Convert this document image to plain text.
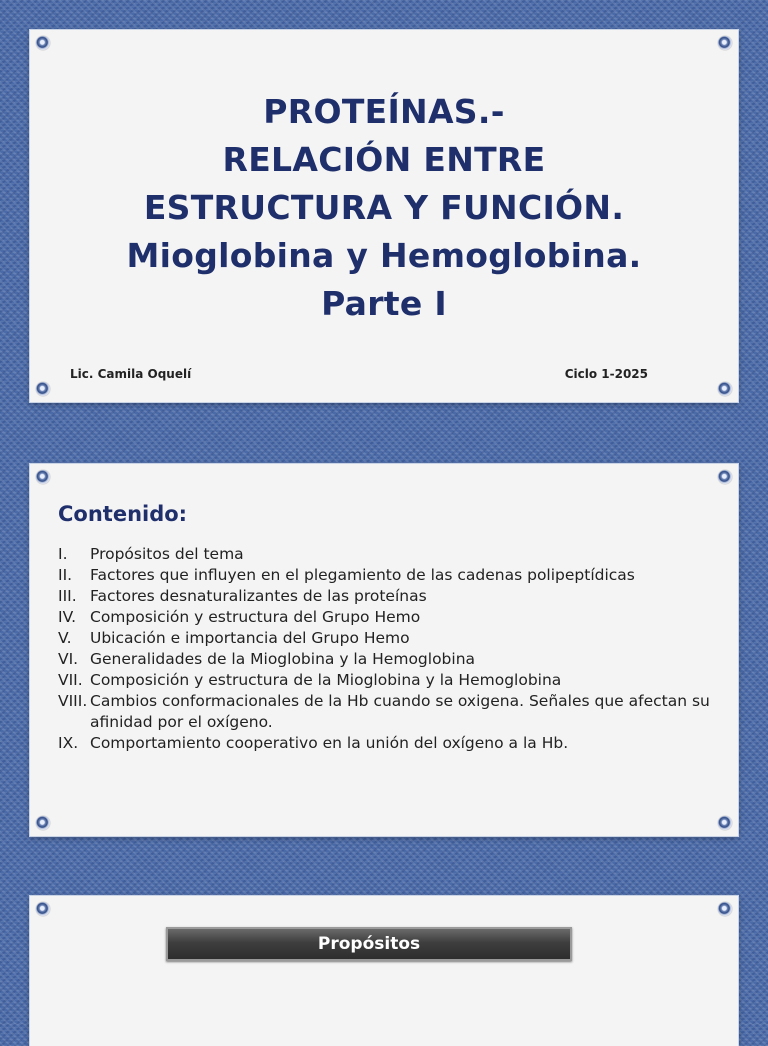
PROTEÍNAS.-
RELACIÓN ENTRE
ESTRUCTURA Y FUNCIÓN.
Mioglobina y Hemoglobina.
Parte I
Lic. Camila Oquelí	Ciclo 1-2025
Contenido:
I.	Propósitos del tema
II.	Factores que influyen en el plegamiento de las cadenas polipeptídicas
III. Factores desnaturalizantes de las proteínas
IV. Composición y estructura del Grupo Hemo
V.	Ubicación e importancia del Grupo Hemo
VI. Generalidades de la Mioglobina y la Hemoglobina
VII. Composición y estructura de la Mioglobina y la Hemoglobina
VIII. Cambios conformacionales de la Hb cuando se oxigena. Señales que afectan su afinidad por el oxígeno.
IX. Comportamiento cooperativo en la unión del oxígeno a la Hb.
Propósitos
